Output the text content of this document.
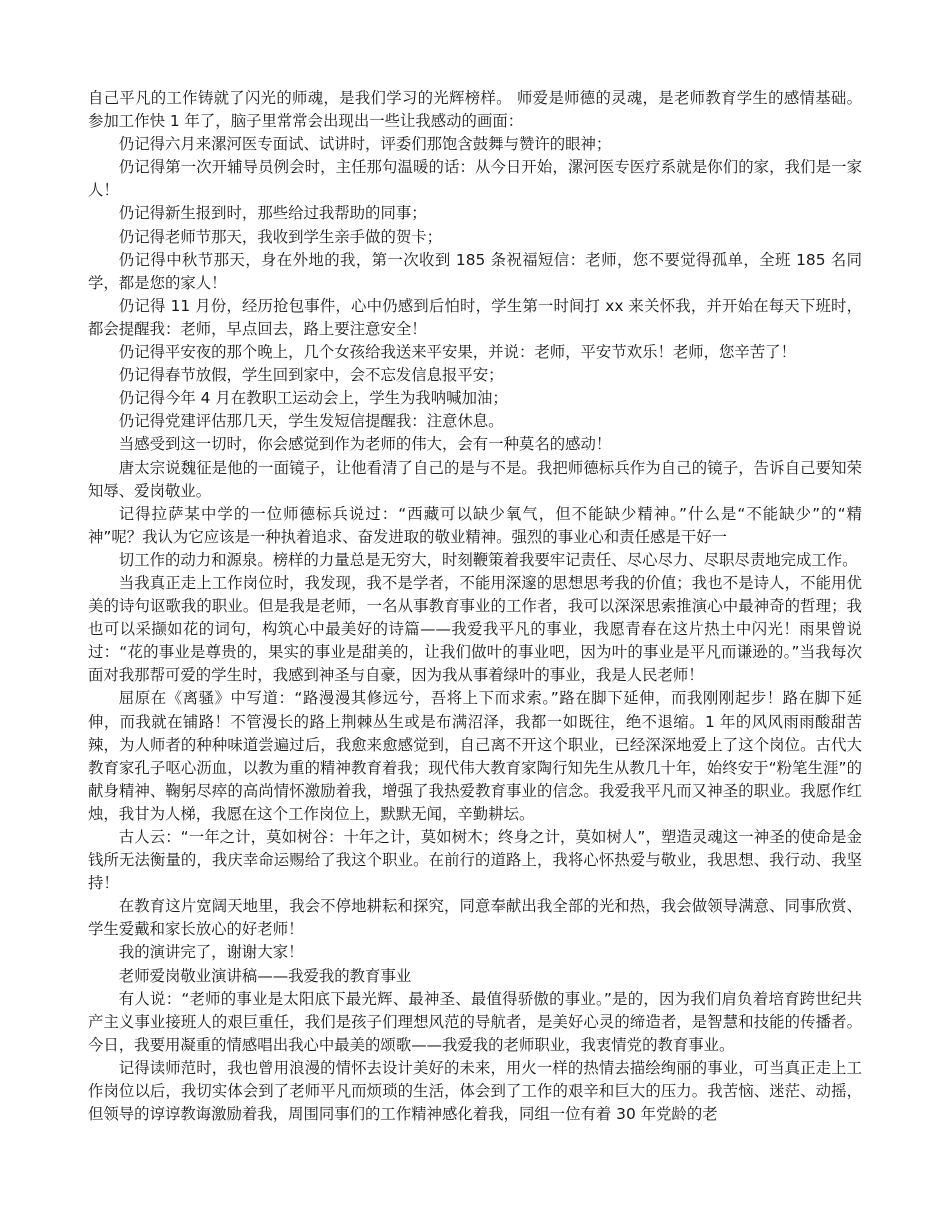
自己平凡的工作铸就了闪光的师魂，是我们学习的光辉榜样。 师爱是师德的灵魂，是老师教育学生的感情基础。参加工作快 1 年了，脑子里常常会出现出一些让我感动的画面：

仍记得六月来漯河医专面试、试讲时，评委们那饱含鼓舞与赞许的眼神；

仍记得第一次开辅导员例会时，主任那句温暖的话：从今日开始，漯河医专医疗系就是你们的家，我们是一家人！

仍记得新生报到时，那些给过我帮助的同事；

仍记得老师节那天，我收到学生亲手做的贺卡；

仍记得中秋节那天，身在外地的我，第一次收到 185 条祝福短信：老师，您不要觉得孤单，全班 185 名同学，都是您的家人！

仍记得 11 月份，经历抢包事件，心中仍感到后怕时，学生第一时间打 xx 来关怀我，并开始在每天下班时，都会提醒我：老师，早点回去，路上要注意安全！

仍记得平安夜的那个晚上，几个女孩给我送来平安果，并说：老师，平安节欢乐！老师，您辛苦了！

仍记得春节放假，学生回到家中，会不忘发信息报平安；

仍记得今年 4 月在教职工运动会上，学生为我呐喊加油；

仍记得党建评估那几天，学生发短信提醒我：注意休息。

当感受到这一切时，你会感觉到作为老师的伟大，会有一种莫名的感动！

唐太宗说魏征是他的一面镜子，让他看清了自己的是与不是。我把师德标兵作为自己的镜子，告诉自己要知荣知辱、爱岗敬业。

记得拉萨某中学的一位师德标兵说过：“西藏可以缺少氧气，但不能缺少精神。”什么是“不能缺少”的“精神”呢？我认为它应该是一种执着追求、奋发进取的敬业精神。强烈的事业心和责任感是干好一

切工作的动力和源泉。榜样的力量总是无穷大，时刻鞭策着我要牢记责任、尽心尽力、尽职尽责地完成工作。

当我真正走上工作岗位时，我发现，我不是学者，不能用深邃的思想思考我的价值；我也不是诗人，不能用优美的诗句讴歌我的职业。但是我是老师，一名从事教育事业的工作者，我可以深深思索推演心中最神奇的哲理；我也可以采撷如花的词句，构筑心中最美好的诗篇——我爱我平凡的事业，我愿青春在这片热土中闪光！雨果曾说过：“花的事业是尊贵的，果实的事业是甜美的，让我们做叶的事业吧，因为叶的事业是平凡而谦逊的。”当我每次面对我那帮可爱的学生时，我感到神圣与自豪，因为我从事着绿叶的事业，我是人民老师！

屈原在《离骚》中写道：“路漫漫其修远兮，吾将上下而求索。”路在脚下延伸，而我刚刚起步！路在脚下延伸，而我就在铺路！不管漫长的路上荆棘丛生或是布满沼泽，我都一如既往，绝不退缩。1 年的风风雨雨酸甜苦辣，为人师者的种种味道尝遍过后，我愈来愈感觉到，自己离不开这个职业，已经深深地爱上了这个岗位。古代大教育家孔子呕心沥血，以教为重的精神教育着我；现代伟大教育家陶行知先生从教几十年，始终安于“粉笔生涯”的献身精神、鞠躬尽瘁的高尚情怀激励着我，增强了我热爱教育事业的信念。我爱我平凡而又神圣的职业。我愿作红烛，我甘为人梯，我愿在这个工作岗位上，默默无闻，辛勤耕坛。

古人云：“一年之计，莫如树谷：十年之计，莫如树木；终身之计，莫如树人”，塑造灵魂这一神圣的使命是金钱所无法衡量的，我庆幸命运赐给了我这个职业。在前行的道路上，我将心怀热爱与敬业，我思想、我行动、我坚持！

在教育这片宽阔天地里，我会不停地耕耘和探究，同意奉献出我全部的光和热，我会做领导满意、同事欣赏、学生爱戴和家长放心的好老师！

我的演讲完了，谢谢大家！

老师爱岗敬业演讲稿——我爱我的教育事业

有人说：“老师的事业是太阳底下最光辉、最神圣、最值得骄傲的事业。”是的，因为我们肩负着培育跨世纪共产主义事业接班人的艰巨重任，我们是孩子们理想风范的导航者，是美好心灵的缔造者，是智慧和技能的传播者。今日，我要用凝重的情感唱出我心中最美的颂歌——我爱我的老师职业，我衷情党的教育事业。

记得读师范时，我也曾用浪漫的情怀去设计美好的未来，用火一样的热情去描绘绚丽的事业，可当真正走上工作岗位以后，我切实体会到了老师平凡而烦琐的生活，体会到了工作的艰辛和巨大的压力。我苦恼、迷茫、动摇，但领导的谆谆教诲激励着我，周围同事们的工作精神感化着我，同组一位有着 30 年党龄的老
